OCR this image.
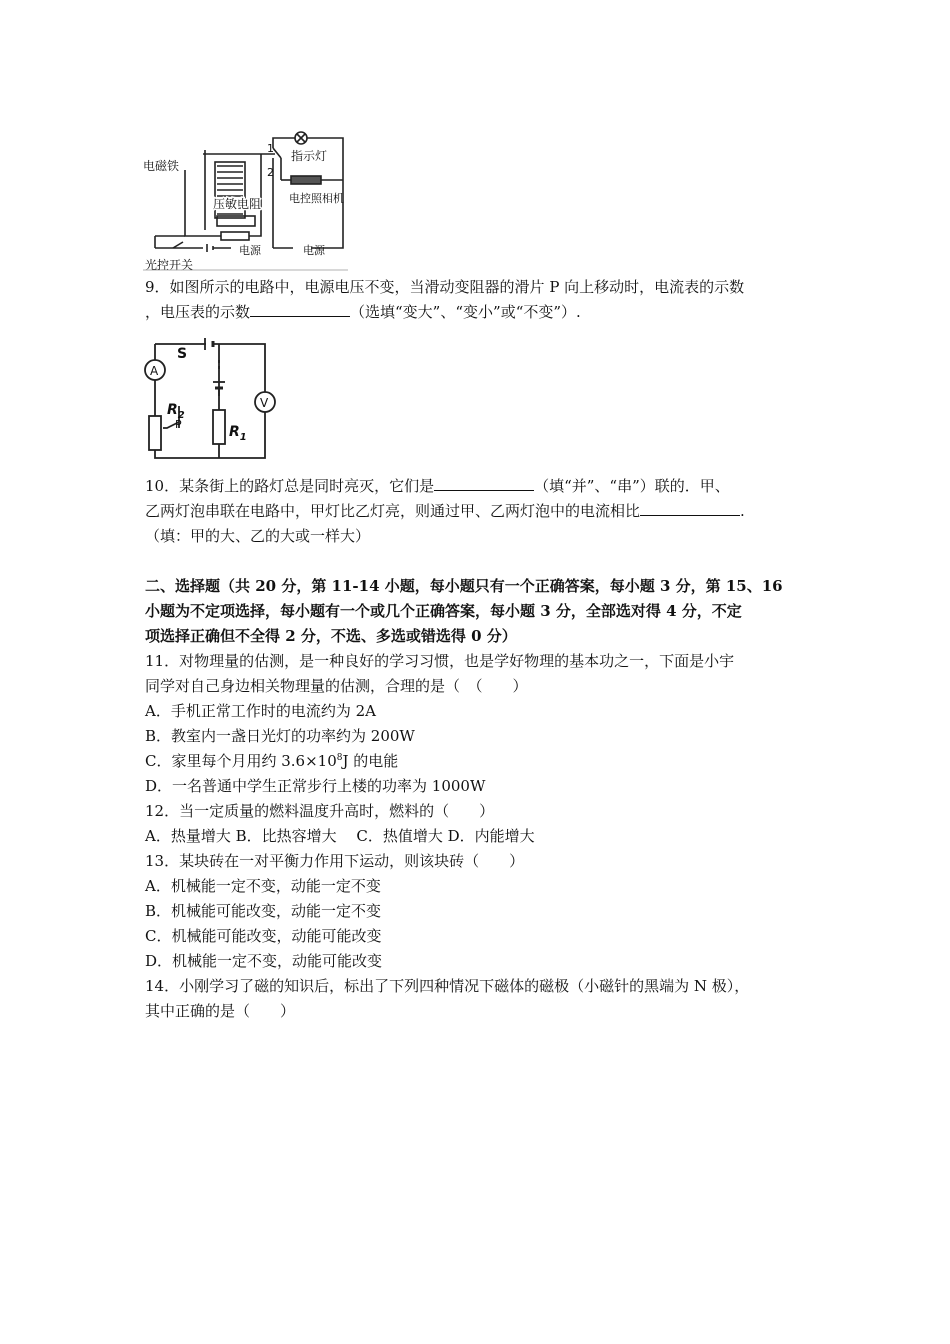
电磁铁
1
2
指示灯
电控照相机
压敏电阻
电源	电源
光控开关
9．如图所示的电路中，电源电压不变，当滑动变阻器的滑片 P 向上移动时，电流表的示数
，电压表的示数	（选填“变大”、“变小”或“不变”）.
S
A
V
$R_2$
P	$R_1$
10．某条街上的路灯总是同时亮灭，它们是	（填“并”、“串”）联的．甲、
乙两灯泡串联在电路中，甲灯比乙灯亮，则通过甲、乙两灯泡中的电流相比	.
（填：甲的大、乙的大或一样大）
二、选择题（共 20 分，第 11-14 小题，每小题只有一个正确答案，每小题 3 分，第 15、16
小题为不定项选择，每小题有一个或几个正确答案，每小题 3 分，全部选对得 4 分，不定
项选择正确但不全得 2 分，不选、多选或错选得 0 分）
11．对物理量的估测，是一种良好的学习习惯，也是学好物理的基本功之一，下面是小宇
同学对自己身边相关物理量的估测，合理的是（　（　　）
A．手机正常工作时的电流约为 2A
B．教室内一盏日光灯的功率约为 200W
C．家里每个月用约 $3.6\times 10^8J$ 的电能
D．一名普通中学生正常步行上楼的功率为 1000W
12．当一定质量的燃料温度升高时，燃料的（　　）
A．热量增大 B．比热容增大　 C．热值增大 D．内能增大
13．某块砖在一对平衡力作用下运动，则该块砖（　　）
A．机械能一定不变，动能一定不变
B．机械能可能改变，动能一定不变
C．机械能可能改变，动能可能改变
D．机械能一定不变，动能可能改变
14．小刚学习了磁的知识后，标出了下列四种情况下磁体的磁极（小磁针的黑端为 N 极），
其中正确的是（　　）
